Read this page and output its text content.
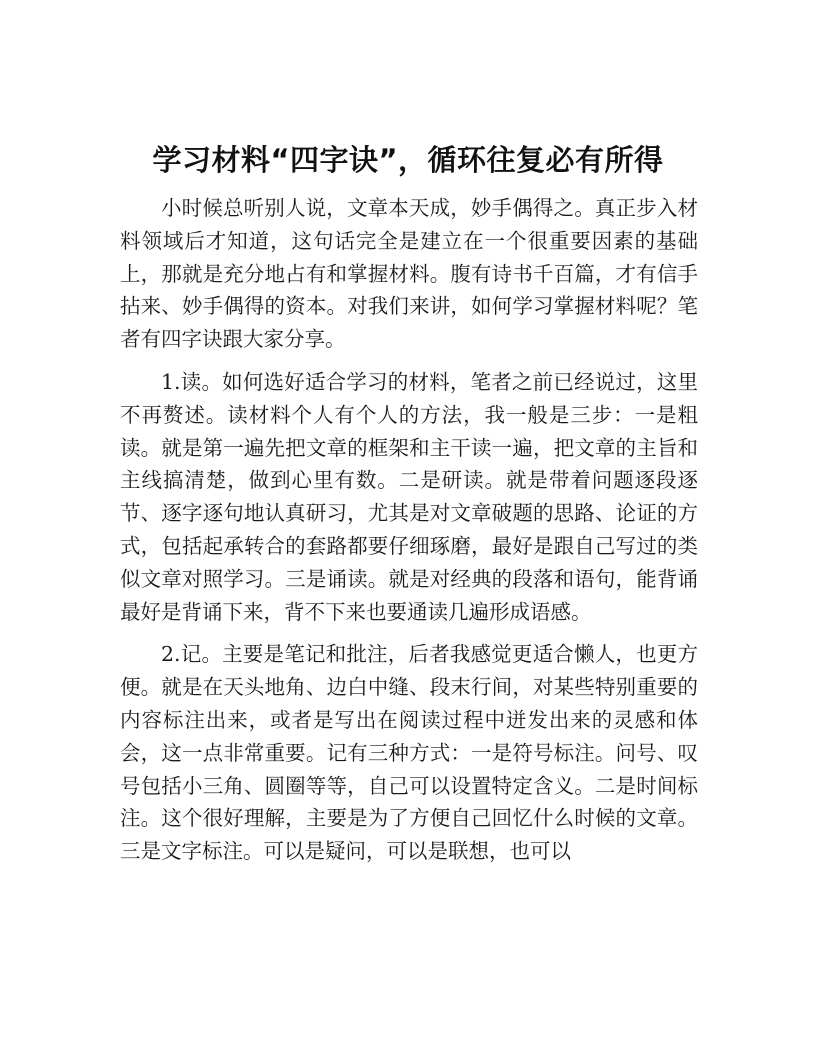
学习材料“四字诀”，循环往复必有所得

小时候总听别人说，文章本天成，妙手偶得之。真正步入材料领域后才知道，这句话完全是建立在一个很重要因素的基础上，那就是充分地占有和掌握材料。腹有诗书千百篇，才有信手拈来、妙手偶得的资本。对我们来讲，如何学习掌握材料呢？笔者有四字诀跟大家分享。

1.读。如何选好适合学习的材料，笔者之前已经说过，这里不再赘述。读材料个人有个人的方法，我一般是三步：一是粗读。就是第一遍先把文章的框架和主干读一遍，把文章的主旨和主线搞清楚，做到心里有数。二是研读。就是带着问题逐段逐节、逐字逐句地认真研习，尤其是对文章破题的思路、论证的方式，包括起承转合的套路都要仔细琢磨，最好是跟自己写过的类似文章对照学习。三是诵读。就是对经典的段落和语句，能背诵最好是背诵下来，背不下来也要通读几遍形成语感。

2.记。主要是笔记和批注，后者我感觉更适合懒人，也更方便。就是在天头地角、边白中缝、段末行间，对某些特别重要的内容标注出来，或者是写出在阅读过程中迸发出来的灵感和体会，这一点非常重要。记有三种方式：一是符号标注。问号、叹号包括小三角、圆圈等等，自己可以设置特定含义。二是时间标注。这个很好理解，主要是为了方便自己回忆什么时候的文章。三是文字标注。可以是疑问，可以是联想，也可以
